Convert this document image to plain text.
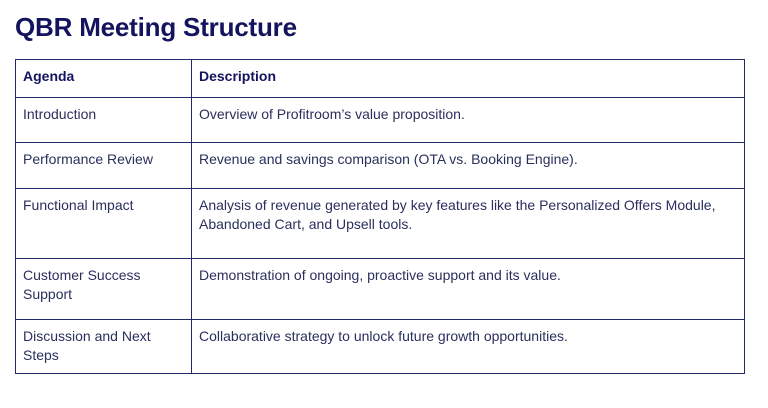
QBR Meeting Structure
Agenda	Description
Introduction	Overview of Profitroom’s value proposition.
Performance Review	Revenue and savings comparison (OTA vs. Booking Engine).
Functional Impact	Analysis of revenue generated by key features like the Personalized Offers Module, Abandoned Cart, and Upsell tools.
Customer Success Support	Demonstration of ongoing, proactive support and its value.
Discussion and Next Steps	Collaborative strategy to unlock future growth opportunities.
